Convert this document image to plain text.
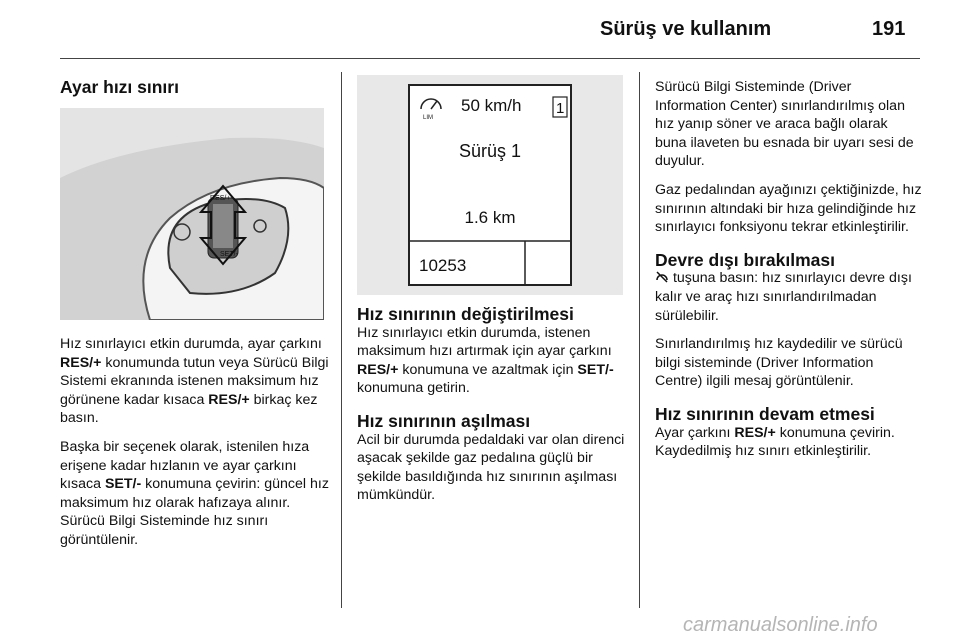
Sürüş ve kullanım	191
Ayar hızı sınırı
RES/+
SET/-

Hız sınırlayıcı etkin durumda, ayar çarkını RES/+ konumunda tutun veya Sürücü Bilgi Sistemi ekranında istenen maksimum hız görünene kadar kısaca RES/+ birkaç kez basın.

Başka bir seçenek olarak, istenilen hıza erişene kadar hızlanın ve ayar çarkını kısaca SET/- konumuna çevirin: güncel hız maksimum hız olarak hafızaya alınır. Sürücü Bilgi Sisteminde hız sınırı görüntülenir.

LIM
50 km/h 1
Sürüş 1
1.6 km
10253
Hız sınırının değiştirilmesi

Hız sınırlayıcı etkin durumda, istenen maksimum hızı artırmak için ayar çarkını RES/+ konumuna ve azaltmak için SET/- konumuna getirin.

Hız sınırının aşılması

Acil bir durumda pedaldaki var olan direnci aşacak şekilde gaz pedalına güçlü bir şekilde basıldığında hız sınırının aşılması mümkündür.

Sürücü Bilgi Sisteminde (Driver Information Center) sınırlandırılmış olan hız yanıp söner ve araca bağlı olarak buna ilaveten bu esnada bir uyarı sesi de duyulur.

Gaz pedalından ayağınızı çektiğinizde, hız sınırının altındaki bir hıza gelindiğinde hız sınırlayıcı fonksiyonu tekrar etkinleştirilir.

Devre dışı bırakılması

tuşuna basın: hız sınırlayıcı devre dışı kalır ve araç hızı sınırlandırılmadan sürülebilir.

Sınırlandırılmış hız kaydedilir ve sürücü bilgi sisteminde (Driver Information Centre) ilgili mesaj görüntülenir.

Hız sınırının devam etmesi

Ayar çarkını RES/+ konumuna çevirin. Kaydedilmiş hız sınırı etkinleştirilir.

carmanualsonline.info
